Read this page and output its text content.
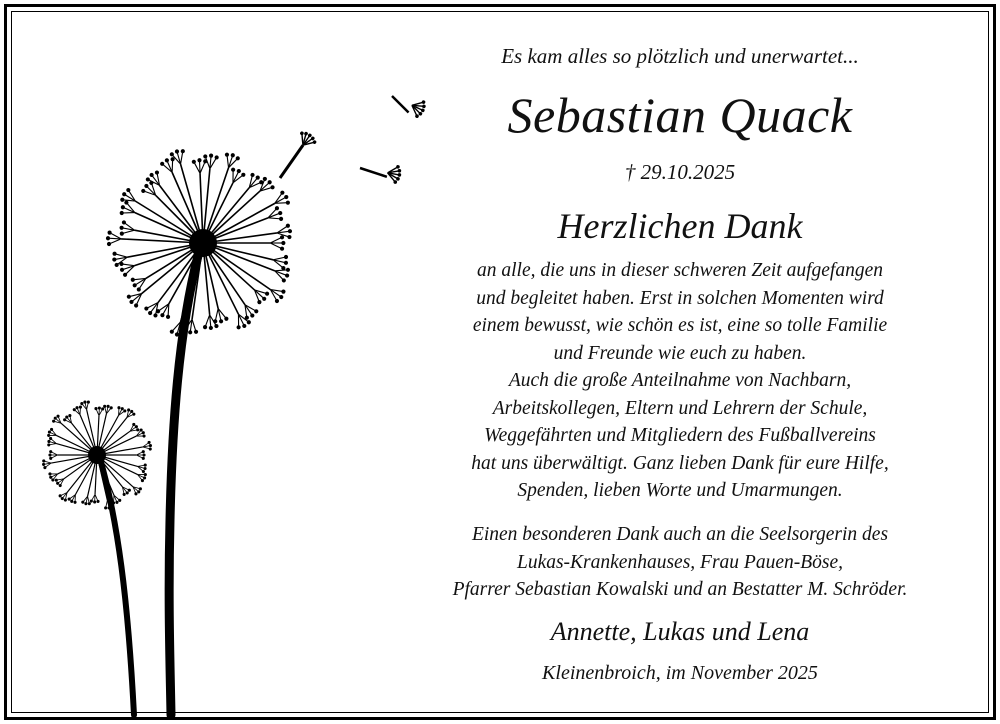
Es kam alles so plötzlich und unerwartet...
Sebastian Quack
† 29.10.2025
Herzlichen Dank
an alle, die uns in dieser schweren Zeit aufgefangen
und begleitet haben. Erst in solchen Momenten wird
einem bewusst, wie schön es ist, eine so tolle Familie
und Freunde wie euch zu haben.
Auch die große Anteilnahme von Nachbarn,
Arbeitskollegen, Eltern und Lehrern der Schule,
Weggefährten und Mitgliedern des Fußballvereins
hat uns überwältigt. Ganz lieben Dank für eure Hilfe,
Spenden, lieben Worte und Umarmungen.
Einen besonderen Dank auch an die Seelsorgerin des
Lukas-Krankenhauses, Frau Pauen-Böse,
Pfarrer Sebastian Kowalski und an Bestatter M. Schröder.
Annette, Lukas und Lena
Kleinenbroich, im November 2025
